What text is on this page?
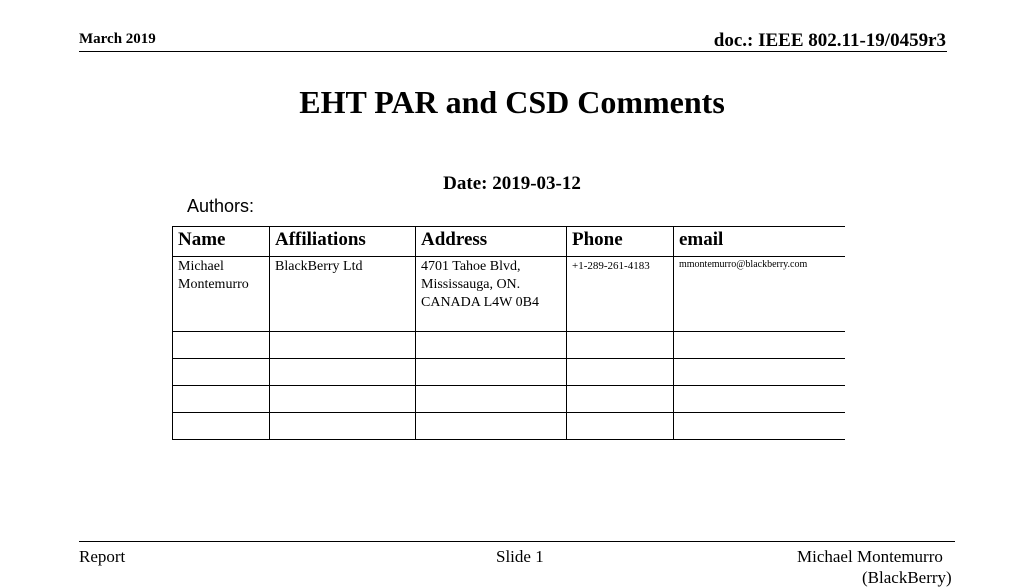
March 2019	doc.: IEEE 802.11-19/0459r3
EHT PAR and CSD Comments
Date: 2019-03-12
Authors:
Name	Affiliations	Address	Phone	email
Michael Montemurro	BlackBerry Ltd	4701 Tahoe Blvd, Mississauga, ON. CANADA L4W 0B4	+1-289-261-4183	mmontemurro@blackberry.com

Report	Slide 1	Michael Montemurro
(BlackBerry)
